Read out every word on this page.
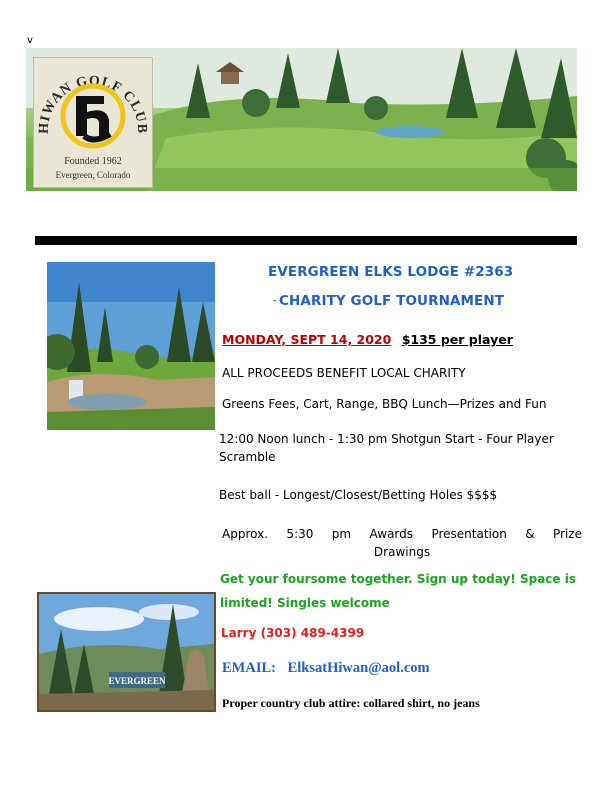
v
HIWAN GOLF CLUB
Founded 1962
Evergreen, Colorado
EVERGREEN
EVERGREEN ELKS LODGE #2363
- CHARITY GOLF TOURNAMENT
MONDAY, SEPT 14, 2020 $135 per player
ALL PROCEEDS BENEFIT LOCAL CHARITY
Greens Fees, Cart, Range, BBQ Lunch—Prizes and Fun
12:00 Noon lunch - 1:30 pm Shotgun Start - Four Player Scramble
Best ball - Longest/Closest/Betting Holes $$$$
Approx. 5:30 pm Awards Presentation & Prize Drawings
Get your foursome together. Sign up today! Space is limited! Singles welcome
Larry (303) 489-4399
EMAIL: ElksatHiwan@aol.com
Proper country club attire: collared shirt, no jeans
